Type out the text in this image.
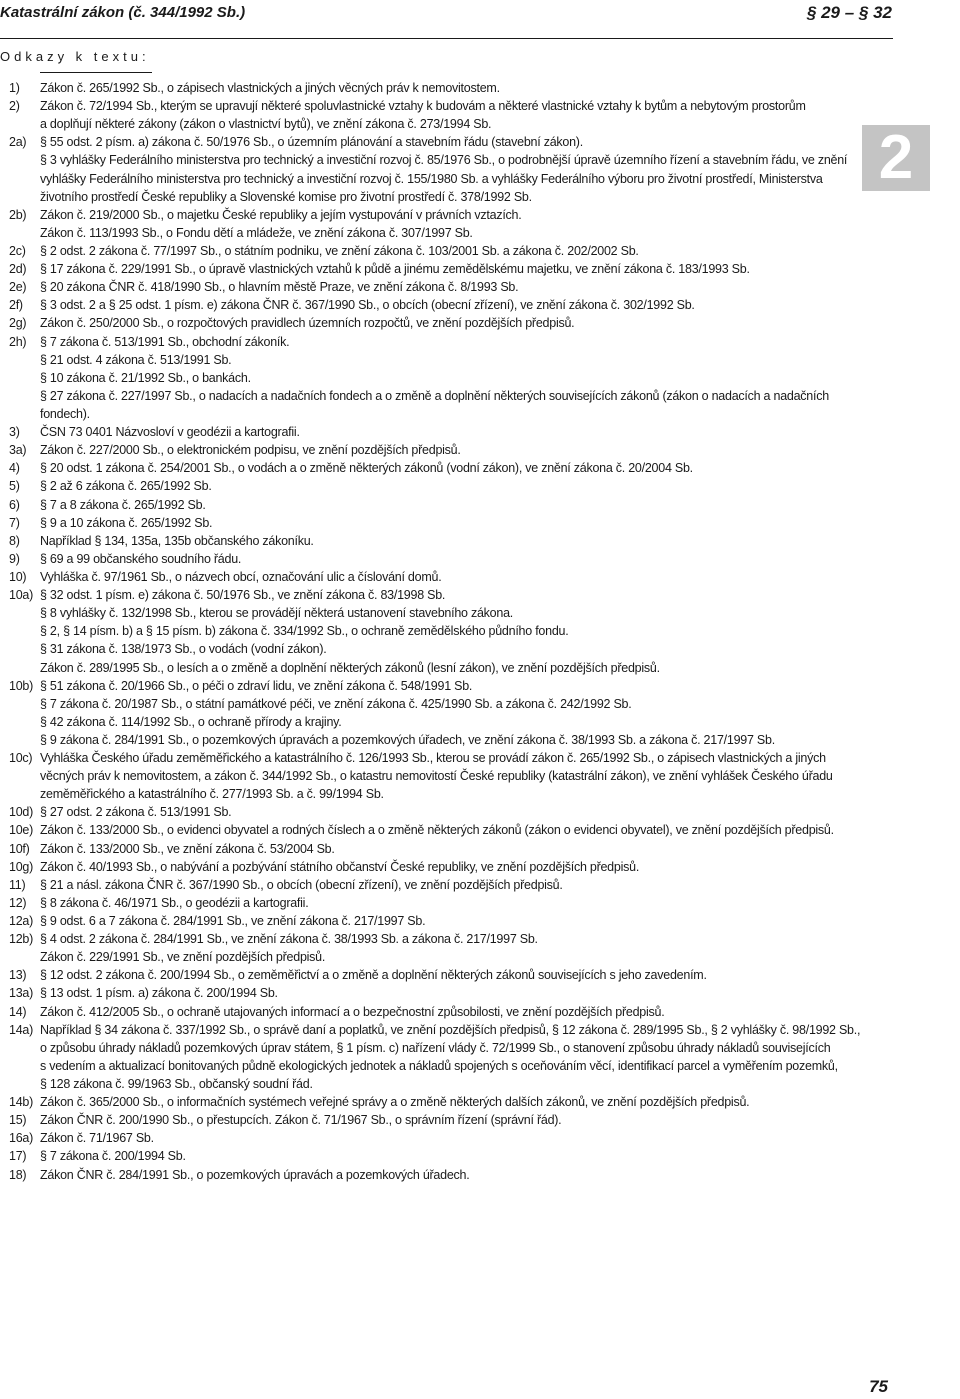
Katastrální zákon (č. 344/1992 Sb.)	§ 29 – § 32
Odkazy k textu:
1) Zákon č. 265/1992 Sb., o zápisech vlastnických a jiných věcných práv k nemovitostem.
2) Zákon č. 72/1994 Sb., kterým se upravují některé spoluvlastnické vztahy k budovám a některé vlastnické vztahy k bytům a nebytovým prostorům
a doplňují některé zákony (zákon o vlastnictví bytů), ve znění zákona č. 273/1994 Sb.
2a) § 55 odst. 2 písm. a) zákona č. 50/1976 Sb., o územním plánování a stavebním řádu (stavební zákon).
§ 3 vyhlášky Federálního ministerstva pro technický a investiční rozvoj č. 85/1976 Sb., o podrobnější úpravě územního řízení a stavebním řádu, ve znění
vyhlášky Federálního ministerstva pro technický a investiční rozvoj č. 155/1980 Sb. a vyhlášky Federálního výboru pro životní prostředí, Ministerstva
životního prostředí České republiky a Slovenské komise pro životní prostředí č. 378/1992 Sb.
2b) Zákon č. 219/2000 Sb., o majetku České republiky a jejím vystupování v právních vztazích.
Zákon č. 113/1993 Sb., o Fondu dětí a mládeže, ve znění zákona č. 307/1997 Sb.
2c) § 2 odst. 2 zákona č. 77/1997 Sb., o státním podniku, ve znění zákona č. 103/2001 Sb. a zákona č. 202/2002 Sb.
2d) § 17 zákona č. 229/1991 Sb., o úpravě vlastnických vztahů k půdě a jinému zemědělskému majetku, ve znění zákona č. 183/1993 Sb.
2e) § 20 zákona ČNR č. 418/1990 Sb., o hlavním městě Praze, ve znění zákona č. 8/1993 Sb.
2f) § 3 odst. 2 a § 25 odst. 1 písm. e) zákona ČNR č. 367/1990 Sb., o obcích (obecní zřízení), ve znění zákona č. 302/1992 Sb.
2g) Zákon č. 250/2000 Sb., o rozpočtových pravidlech územních rozpočtů, ve znění pozdějších předpisů.
2h) § 7 zákona č. 513/1991 Sb., obchodní zákoník.
§ 21 odst. 4 zákona č. 513/1991 Sb.
§ 10 zákona č. 21/1992 Sb., o bankách.
§ 27 zákona č. 227/1997 Sb., o nadacích a nadačních fondech a o změně a doplnění některých souvisejících zákonů (zákon o nadacích a nadačních
fondech).
3) ČSN 73 0401 Názvosloví v geodézii a kartografii.
3a) Zákon č. 227/2000 Sb., o elektronickém podpisu, ve znění pozdějších předpisů.
4) § 20 odst. 1 zákona č. 254/2001 Sb., o vodách a o změně některých zákonů (vodní zákon), ve znění zákona č. 20/2004 Sb.
5) § 2 až 6 zákona č. 265/1992 Sb.
6) § 7 a 8 zákona č. 265/1992 Sb.
7) § 9 a 10 zákona č. 265/1992 Sb.
8) Například § 134, 135a, 135b občanského zákoníku.
9) § 69 a 99 občanského soudního řádu.
10) Vyhláška č. 97/1961 Sb., o názvech obcí, označování ulic a číslování domů.
10a) § 32 odst. 1 písm. e) zákona č. 50/1976 Sb., ve znění zákona č. 83/1998 Sb.
§ 8 vyhlášky č. 132/1998 Sb., kterou se provádějí některá ustanovení stavebního zákona.
§ 2, § 14 písm. b) a § 15 písm. b) zákona č. 334/1992 Sb., o ochraně zemědělského půdního fondu.
§ 31 zákona č. 138/1973 Sb., o vodách (vodní zákon).
Zákon č. 289/1995 Sb., o lesích a o změně a doplnění některých zákonů (lesní zákon), ve znění pozdějších předpisů.
10b) § 51 zákona č. 20/1966 Sb., o péči o zdraví lidu, ve znění zákona č. 548/1991 Sb.
§ 7 zákona č. 20/1987 Sb., o státní památkové péči, ve znění zákona č. 425/1990 Sb. a zákona č. 242/1992 Sb.
§ 42 zákona č. 114/1992 Sb., o ochraně přírody a krajiny.
§ 9 zákona č. 284/1991 Sb., o pozemkových úpravách a pozemkových úřadech, ve znění zákona č. 38/1993 Sb. a zákona č. 217/1997 Sb.
10c) Vyhláška Českého úřadu zeměměřického a katastrálního č. 126/1993 Sb., kterou se provádí zákon č. 265/1992 Sb., o zápisech vlastnických a jiných
věcných práv k nemovitostem, a zákon č. 344/1992 Sb., o katastru nemovitostí České republiky (katastrální zákon), ve znění vyhlášek Českého úřadu
zeměměřického a katastrálního č. 277/1993 Sb. a č. 99/1994 Sb.
10d) § 27 odst. 2 zákona č. 513/1991 Sb.
10e) Zákon č. 133/2000 Sb., o evidenci obyvatel a rodných číslech a o změně některých zákonů (zákon o evidenci obyvatel), ve znění pozdějších předpisů.
10f) Zákon č. 133/2000 Sb., ve znění zákona č. 53/2004 Sb.
10g) Zákon č. 40/1993 Sb., o nabývání a pozbývání státního občanství České republiky, ve znění pozdějších předpisů.
11) § 21 a násl. zákona ČNR č. 367/1990 Sb., o obcích (obecní zřízení), ve znění pozdějších předpisů.
12) § 8 zákona č. 46/1971 Sb., o geodézii a kartografii.
12a) § 9 odst. 6 a 7 zákona č. 284/1991 Sb., ve znění zákona č. 217/1997 Sb.
12b) § 4 odst. 2 zákona č. 284/1991 Sb., ve znění zákona č. 38/1993 Sb. a zákona č. 217/1997 Sb.
Zákon č. 229/1991 Sb., ve znění pozdějších předpisů.
13) § 12 odst. 2 zákona č. 200/1994 Sb., o zeměměřictví a o změně a doplnění některých zákonů souvisejících s jeho zavedením.
13a) § 13 odst. 1 písm. a) zákona č. 200/1994 Sb.
14) Zákon č. 412/2005 Sb., o ochraně utajovaných informací a o bezpečnostní způsobilosti, ve znění pozdějších předpisů.
14a) Například § 34 zákona č. 337/1992 Sb., o správě daní a poplatků, ve znění pozdějších předpisů, § 12 zákona č. 289/1995 Sb., § 2 vyhlášky č. 98/1992 Sb.,
o způsobu úhrady nákladů pozemkových úprav státem, § 1 písm. c) nařízení vlády č. 72/1999 Sb., o stanovení způsobu úhrady nákladů souvisejících
s vedením a aktualizací bonitovaných půdně ekologických jednotek a nákladů spojených s oceňováním věcí, identifikací parcel a vyměřením pozemků,
§ 128 zákona č. 99/1963 Sb., občanský soudní řád.
14b) Zákon č. 365/2000 Sb., o informačních systémech veřejné správy a o změně některých dalších zákonů, ve znění pozdějších předpisů.
15) Zákon ČNR č. 200/1990 Sb., o přestupcích. Zákon č. 71/1967 Sb., o správním řízení (správní řád).
16a) Zákon č. 71/1967 Sb.
17) § 7 zákona č. 200/1994 Sb.
18) Zákon ČNR č. 284/1991 Sb., o pozemkových úpravách a pozemkových úřadech.
2
75
